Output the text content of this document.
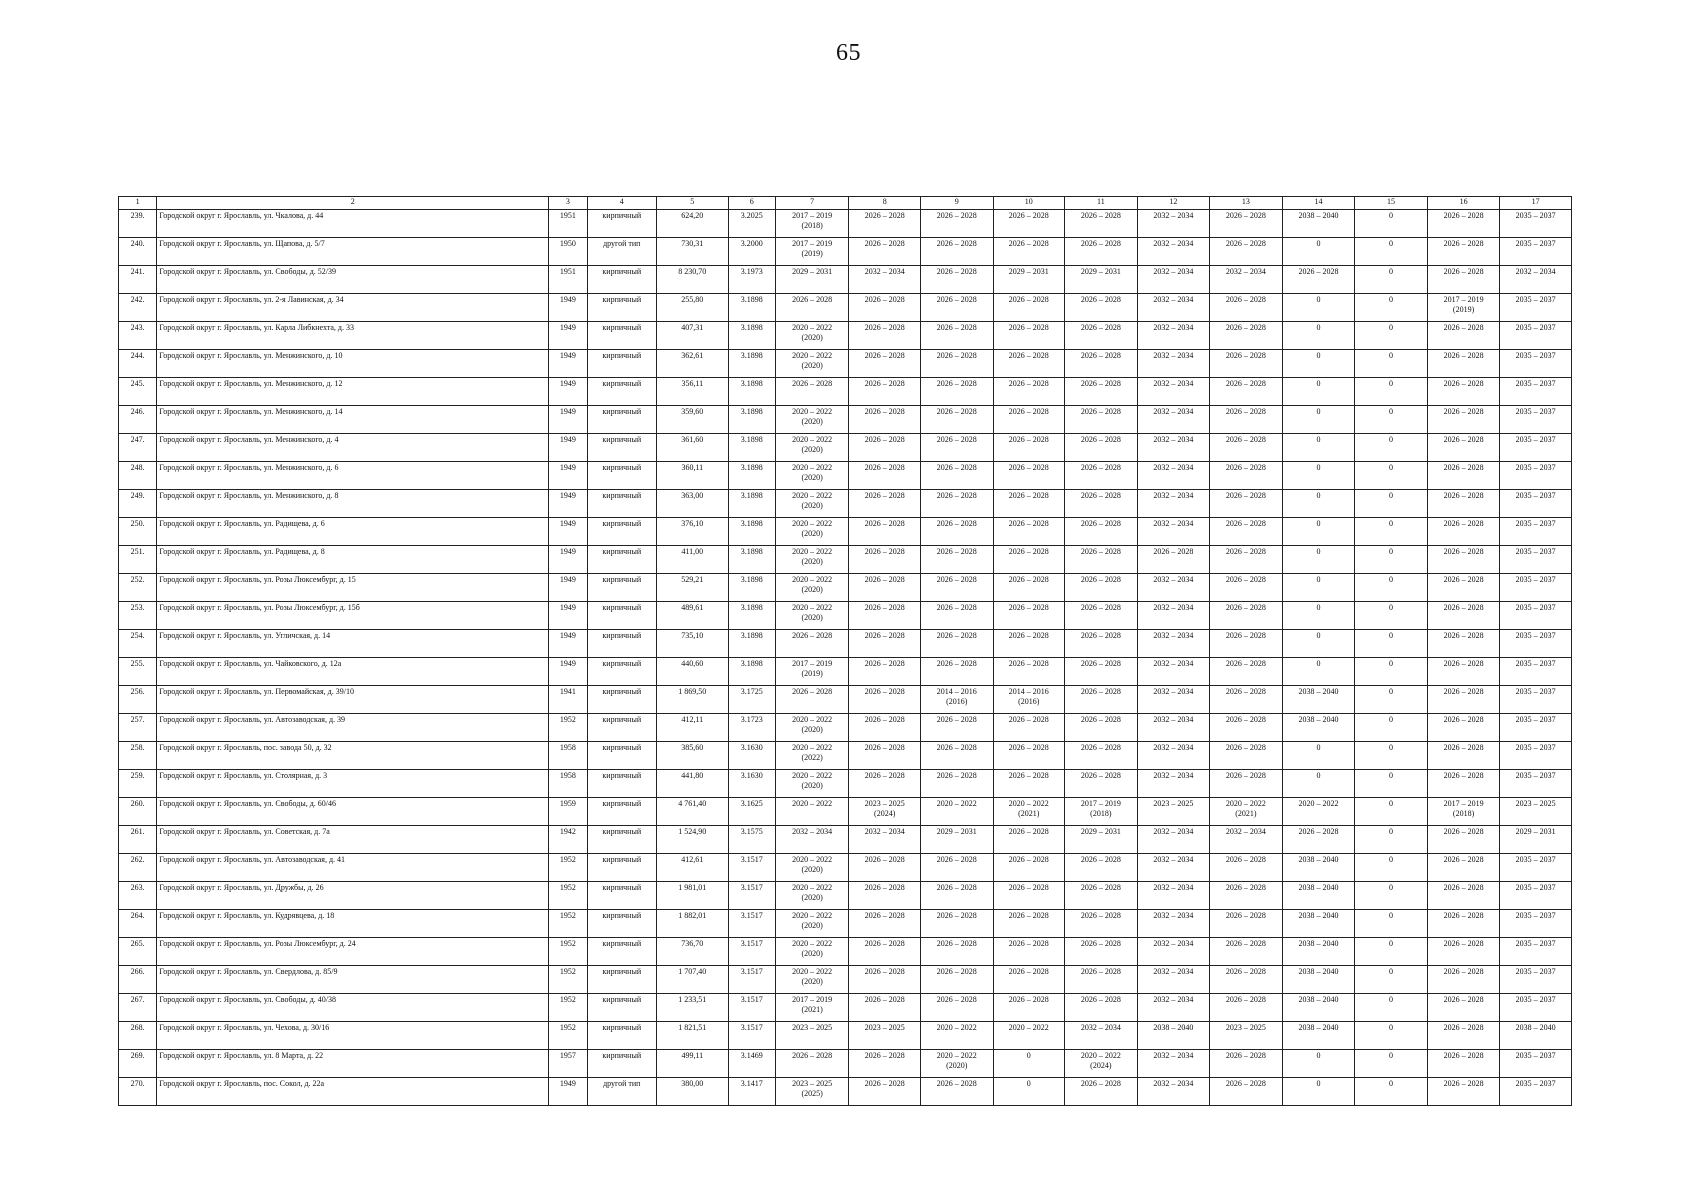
65
1	2	3	4	5	6	7	8	9	10	11	12	13	14	15	16	17
239.	Городской округ г. Ярославль, ул. Чкалова, д. 44	1951	кирпичный	624,20	3.2025	2017 – 2019
(2018)	2026 – 2028	2026 – 2028	2026 – 2028	2026 – 2028	2032 – 2034	2026 – 2028	2038 – 2040	0	2026 – 2028	2035 – 2037
240.	Городской округ г. Ярославль, ул. Щапова, д. 5/7	1950	другой тип	730,31	3.2000	2017 – 2019
(2019)	2026 – 2028	2026 – 2028	2026 – 2028	2026 – 2028	2032 – 2034	2026 – 2028	0	0	2026 – 2028	2035 – 2037
241.	Городской округ г. Ярославль, ул. Свободы, д. 52/39	1951	кирпичный	8 230,70	3.1973	2029 – 2031	2032 – 2034	2026 – 2028	2029 – 2031	2029 – 2031	2032 – 2034	2032 – 2034	2026 – 2028	0	2026 – 2028	2032 – 2034
242.	Городской округ г. Ярославль, ул. 2-я Лавинская, д. 34	1949	кирпичный	255,80	3.1898	2026 – 2028	2026 – 2028	2026 – 2028	2026 – 2028	2026 – 2028	2032 – 2034	2026 – 2028	0	0	2017 – 2019
(2019)	2035 – 2037
243.	Городской округ г. Ярославль, ул. Карла Либкнехта, д. 33	1949	кирпичный	407,31	3.1898	2020 – 2022
(2020)	2026 – 2028	2026 – 2028	2026 – 2028	2026 – 2028	2032 – 2034	2026 – 2028	0	0	2026 – 2028	2035 – 2037
244.	Городской округ г. Ярославль, ул. Менжинского, д. 10	1949	кирпичный	362,61	3.1898	2020 – 2022
(2020)	2026 – 2028	2026 – 2028	2026 – 2028	2026 – 2028	2032 – 2034	2026 – 2028	0	0	2026 – 2028	2035 – 2037
245.	Городской округ г. Ярославль, ул. Менжинского, д. 12	1949	кирпичный	356,11	3.1898	2026 – 2028	2026 – 2028	2026 – 2028	2026 – 2028	2026 – 2028	2032 – 2034	2026 – 2028	0	0	2026 – 2028	2035 – 2037
246.	Городской округ г. Ярославль, ул. Менжинского, д. 14	1949	кирпичный	359,60	3.1898	2020 – 2022
(2020)	2026 – 2028	2026 – 2028	2026 – 2028	2026 – 2028	2032 – 2034	2026 – 2028	0	0	2026 – 2028	2035 – 2037
247.	Городской округ г. Ярославль, ул. Менжинского, д. 4	1949	кирпичный	361,60	3.1898	2020 – 2022
(2020)	2026 – 2028	2026 – 2028	2026 – 2028	2026 – 2028	2032 – 2034	2026 – 2028	0	0	2026 – 2028	2035 – 2037
248.	Городской округ г. Ярославль, ул. Менжинского, д. 6	1949	кирпичный	360,11	3.1898	2020 – 2022
(2020)	2026 – 2028	2026 – 2028	2026 – 2028	2026 – 2028	2032 – 2034	2026 – 2028	0	0	2026 – 2028	2035 – 2037
249.	Городской округ г. Ярославль, ул. Менжинского, д. 8	1949	кирпичный	363,00	3.1898	2020 – 2022
(2020)	2026 – 2028	2026 – 2028	2026 – 2028	2026 – 2028	2032 – 2034	2026 – 2028	0	0	2026 – 2028	2035 – 2037
250.	Городской округ г. Ярославль, ул. Радищева, д. 6	1949	кирпичный	376,10	3.1898	2020 – 2022
(2020)	2026 – 2028	2026 – 2028	2026 – 2028	2026 – 2028	2032 – 2034	2026 – 2028	0	0	2026 – 2028	2035 – 2037
251.	Городской округ г. Ярославль, ул. Радищева, д. 8	1949	кирпичный	411,00	3.1898	2020 – 2022
(2020)	2026 – 2028	2026 – 2028	2026 – 2028	2026 – 2028	2026 – 2028	2026 – 2028	0	0	2026 – 2028	2035 – 2037
252.	Городской округ г. Ярославль, ул. Розы Люксембург, д. 15	1949	кирпичный	529,21	3.1898	2020 – 2022
(2020)	2026 – 2028	2026 – 2028	2026 – 2028	2026 – 2028	2032 – 2034	2026 – 2028	0	0	2026 – 2028	2035 – 2037
253.	Городской округ г. Ярославль, ул. Розы Люксембург, д. 15б	1949	кирпичный	489,61	3.1898	2020 – 2022
(2020)	2026 – 2028	2026 – 2028	2026 – 2028	2026 – 2028	2032 – 2034	2026 – 2028	0	0	2026 – 2028	2035 – 2037
254.	Городской округ г. Ярославль, ул. Угличская, д. 14	1949	кирпичный	735,10	3.1898	2026 – 2028	2026 – 2028	2026 – 2028	2026 – 2028	2026 – 2028	2032 – 2034	2026 – 2028	0	0	2026 – 2028	2035 – 2037
255.	Городской округ г. Ярославль, ул. Чайковского, д. 12а	1949	кирпичный	440,60	3.1898	2017 – 2019
(2019)	2026 – 2028	2026 – 2028	2026 – 2028	2026 – 2028	2032 – 2034	2026 – 2028	0	0	2026 – 2028	2035 – 2037
256.	Городской округ г. Ярославль, ул. Первомайская, д. 39/10	1941	кирпичный	1 869,50	3.1725	2026 – 2028	2026 – 2028	2014 – 2016
(2016)	2014 – 2016
(2016)	2026 – 2028	2032 – 2034	2026 – 2028	2038 – 2040	0	2026 – 2028	2035 – 2037
257.	Городской округ г. Ярославль, ул. Автозаводская, д. 39	1952	кирпичный	412,11	3.1723	2020 – 2022
(2020)	2026 – 2028	2026 – 2028	2026 – 2028	2026 – 2028	2032 – 2034	2026 – 2028	2038 – 2040	0	2026 – 2028	2035 – 2037
258.	Городской округ г. Ярославль, пос. завода 50, д. 32	1958	кирпичный	385,60	3.1630	2020 – 2022
(2022)	2026 – 2028	2026 – 2028	2026 – 2028	2026 – 2028	2032 – 2034	2026 – 2028	0	0	2026 – 2028	2035 – 2037
259.	Городской округ г. Ярославль, ул. Столярная, д. 3	1958	кирпичный	441,80	3.1630	2020 – 2022
(2020)	2026 – 2028	2026 – 2028	2026 – 2028	2026 – 2028	2032 – 2034	2026 – 2028	0	0	2026 – 2028	2035 – 2037
260.	Городской округ г. Ярославль, ул. Свободы, д. 60/46	1959	кирпичный	4 761,40	3.1625	2020 – 2022	2023 – 2025
(2024)	2020 – 2022	2020 – 2022
(2021)	2017 – 2019
(2018)	2023 – 2025	2020 – 2022
(2021)	2020 – 2022	0	2017 – 2019
(2018)	2023 – 2025
261.	Городской округ г. Ярославль, ул. Советская, д. 7а	1942	кирпичный	1 524,90	3.1575	2032 – 2034	2032 – 2034	2029 – 2031	2026 – 2028	2029 – 2031	2032 – 2034	2032 – 2034	2026 – 2028	0	2026 – 2028	2029 – 2031
262.	Городской округ г. Ярославль, ул. Автозаводская, д. 41	1952	кирпичный	412,61	3.1517	2020 – 2022
(2020)	2026 – 2028	2026 – 2028	2026 – 2028	2026 – 2028	2032 – 2034	2026 – 2028	2038 – 2040	0	2026 – 2028	2035 – 2037
263.	Городской округ г. Ярославль, ул. Дружбы, д. 26	1952	кирпичный	1 981,01	3.1517	2020 – 2022
(2020)	2026 – 2028	2026 – 2028	2026 – 2028	2026 – 2028	2032 – 2034	2026 – 2028	2038 – 2040	0	2026 – 2028	2035 – 2037
264.	Городской округ г. Ярославль, ул. Кудрявцева, д. 18	1952	кирпичный	1 882,01	3.1517	2020 – 2022
(2020)	2026 – 2028	2026 – 2028	2026 – 2028	2026 – 2028	2032 – 2034	2026 – 2028	2038 – 2040	0	2026 – 2028	2035 – 2037
265.	Городской округ г. Ярославль, ул. Розы Люксембург, д. 24	1952	кирпичный	736,70	3.1517	2020 – 2022
(2020)	2026 – 2028	2026 – 2028	2026 – 2028	2026 – 2028	2032 – 2034	2026 – 2028	2038 – 2040	0	2026 – 2028	2035 – 2037
266.	Городской округ г. Ярославль, ул. Свердлова, д. 85/9	1952	кирпичный	1 707,40	3.1517	2020 – 2022
(2020)	2026 – 2028	2026 – 2028	2026 – 2028	2026 – 2028	2032 – 2034	2026 – 2028	2038 – 2040	0	2026 – 2028	2035 – 2037
267.	Городской округ г. Ярославль, ул. Свободы, д. 40/38	1952	кирпичный	1 233,51	3.1517	2017 – 2019
(2021)	2026 – 2028	2026 – 2028	2026 – 2028	2026 – 2028	2032 – 2034	2026 – 2028	2038 – 2040	0	2026 – 2028	2035 – 2037
268.	Городской округ г. Ярославль, ул. Чехова, д. 30/16	1952	кирпичный	1 821,51	3.1517	2023 – 2025	2023 – 2025	2020 – 2022	2020 – 2022	2032 – 2034	2038 – 2040	2023 – 2025	2038 – 2040	0	2026 – 2028	2038 – 2040
269.	Городской округ г. Ярославль, ул. 8 Марта, д. 22	1957	кирпичный	499,11	3.1469	2026 – 2028	2026 – 2028	2020 – 2022
(2020)	0	2020 – 2022
(2024)	2032 – 2034	2026 – 2028	0	0	2026 – 2028	2035 – 2037
270.	Городской округ г. Ярославль, пос. Сокол, д. 22а	1949	другой тип	380,00	3.1417	2023 – 2025
(2025)	2026 – 2028	2026 – 2028	0	2026 – 2028	2032 – 2034	2026 – 2028	0	0	2026 – 2028	2035 – 2037
